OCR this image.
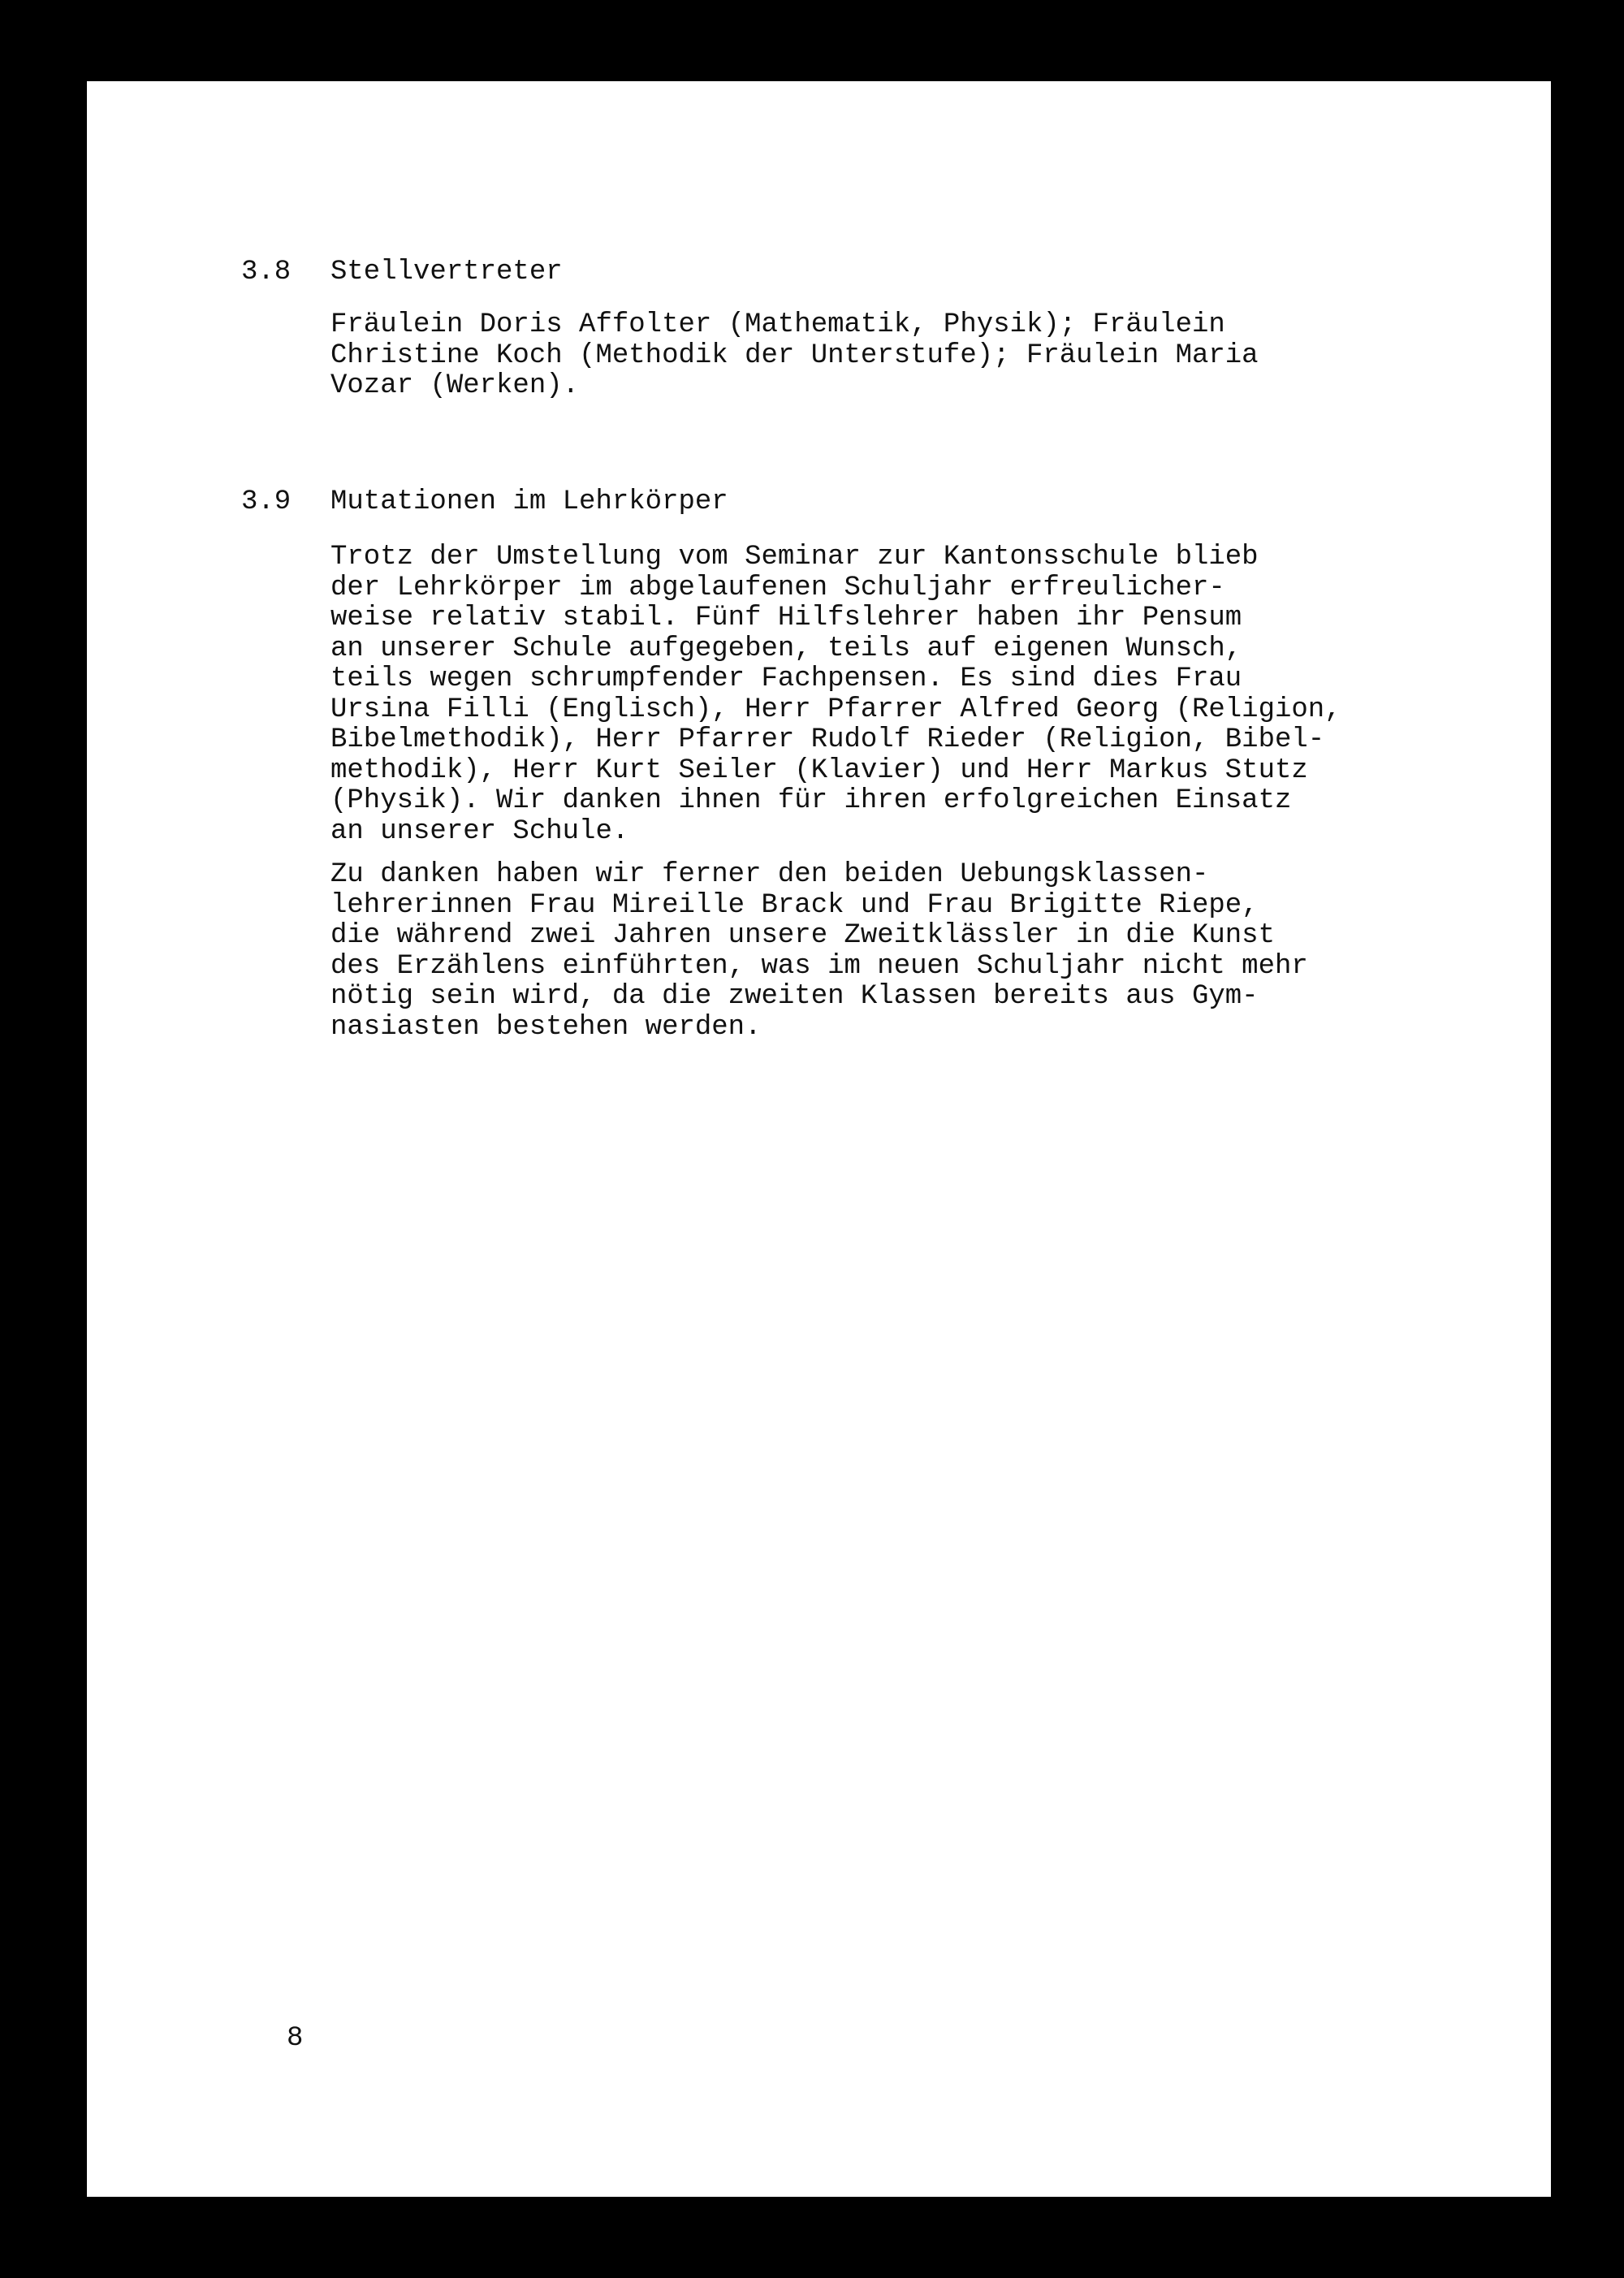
3.8	Stellvertreter
Fräulein Doris Affolter (Mathematik, Physik); Fräulein
Christine Koch (Methodik der Unterstufe); Fräulein Maria
Vozar (Werken).
3.9	Mutationen im Lehrkörper
Trotz der Umstellung vom Seminar zur Kantonsschule blieb
der Lehrkörper im abgelaufenen Schuljahr erfreulicher-
weise relativ stabil. Fünf Hilfslehrer haben ihr Pensum
an unserer Schule aufgegeben, teils auf eigenen Wunsch,
teils wegen schrumpfender Fachpensen. Es sind dies Frau
Ursina Filli (Englisch), Herr Pfarrer Alfred Georg (Religion,
Bibelmethodik), Herr Pfarrer Rudolf Rieder (Religion, Bibel-
methodik), Herr Kurt Seiler (Klavier) und Herr Markus Stutz
(Physik). Wir danken ihnen für ihren erfolgreichen Einsatz
an unserer Schule.
Zu danken haben wir ferner den beiden Uebungsklassen-
lehrerinnen Frau Mireille Brack und Frau Brigitte Riepe,
die während zwei Jahren unsere Zweitklässler in die Kunst
des Erzählens einführten, was im neuen Schuljahr nicht mehr
nötig sein wird, da die zweiten Klassen bereits aus Gym-
nasiasten bestehen werden.
8
